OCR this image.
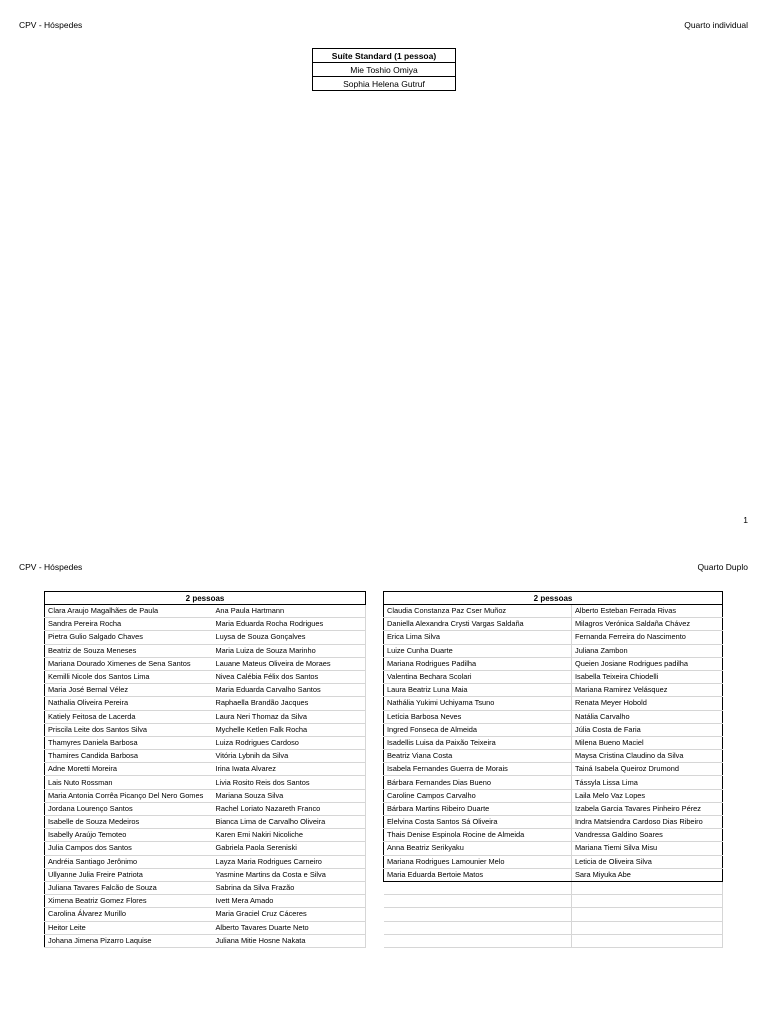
CPV - Hóspedes	Quarto individual
Suíte Standard (1 pessoa)
Mie Toshio Omiya
Sophia Helena Gutruf
1
CPV - Hóspedes	Quarto Duplo
2 pessoas	
Clara Araujo Magalhães de Paula	Ana Paula Hartmann
Sandra Pereira Rocha	Maria Eduarda Rocha Rodrigues
Pietra Gulio Salgado Chaves	Luysa de Souza Gonçalves
Beatriz de Souza Meneses	Maria Luiza de Souza Marinho
Mariana Dourado Ximenes de Sena Santos	Lauane Mateus Oliveira de Moraes
Kemilli Nicole dos Santos Lima	Nivea Calébia Félix dos Santos
Maria José Bernal Vélez	Maria Eduarda Carvalho Santos
Nathalia Oliveira Pereira	Raphaella Brandão Jacques
Katiely Feitosa de Lacerda	Laura Neri Thomaz da Silva
Priscila Leite dos Santos Silva	Mychelle Ketlen Falk Rocha
Thamyres Daniela Barbosa	Luiza Rodrigues Cardoso
Thamires Candida Barbosa	Vitória Lybnih da Silva
Adne Moretti Moreira	Irina Iwata Alvarez
Lais Nuto Rossman	Livia Rosito Reis dos Santos
Maria Antonia Corrêa Picanço Del Nero Gomes	Mariana Souza Silva
Jordana Lourenço Santos	Rachel Loriato Nazareth Franco
Isabelle de Souza Medeiros	Bianca Lima de Carvalho Oliveira
Isabelly Araújo Temoteo	Karen Emi Nakiri Nicoliche
Julia Campos dos Santos	Gabriela Paola Sereniski
Andréia Santiago Jerônimo	Layza Maria Rodrigues Carneiro
Ullyanne Julia Freire Patriota	Yasmine Martins da Costa e Silva
Juliana Tavares Falcão de Souza	Sabrina da Silva Frazão
Ximena Beatriz Gomez Flores	Ivett Mera Amado
Carolina Álvarez Murillo	Maria Graciel Cruz Cáceres
Heitor Leite	Alberto Tavares Duarte Neto
Johana Jimena Pizarro Laquise	Juliana Mitie Hosne Nakata
2 pessoas	
Claudia Constanza Paz Cser Muñoz	Alberto Esteban Ferrada Rivas
Daniella Alexandra Crysti Vargas Saldaña	Milagros Verónica Saldaña Chávez
Erica Lima Silva	Fernanda Ferreira do Nascimento
Luize Cunha Duarte	Juliana Zambon
Mariana Rodrigues Padilha	Queien Josiane Rodrigues padilha
Valentina Bechara Scolari	Isabella Teixeira Chiodelli
Laura Beatriz Luna Maia	Mariana Ramirez Velásquez
Nathália Yukimi Uchiyama Tsuno	Renata Meyer Hobold
Letícia Barbosa Neves	Natália Carvalho
Ingred Fonseca de Almeida	Júlia Costa de Faria
Isadellis Luisa da Paixão Teixeira	Milena Bueno Maciel
Beatriz Viana Costa	Maysa Cristina Claudino da Silva
Isabela Fernandes Guerra de Morais	Tainá Isabela Queiroz Drumond
Bárbara Fernandes Dias Bueno	Tássyla Lissa Lima
Caroline Campos Carvalho	Laila Melo Vaz Lopes
Bárbara Martins Ribeiro Duarte	Izabela Garcia Tavares Pinheiro Pérez
Elelvina Costa Santos Sá Oliveira	Indra Matsiendra Cardoso Dias Ribeiro
Thais Denise Espinola Rocine de Almeida	Vandressa Galdino Soares
Anna Beatriz Serikyaku	Mariana Tiemi Silva Misu
Mariana Rodrigues Lamounier Melo	Leticia de Oliveira Silva
Maria Eduarda Bertoie Matos	Sara Miyuka Abe
